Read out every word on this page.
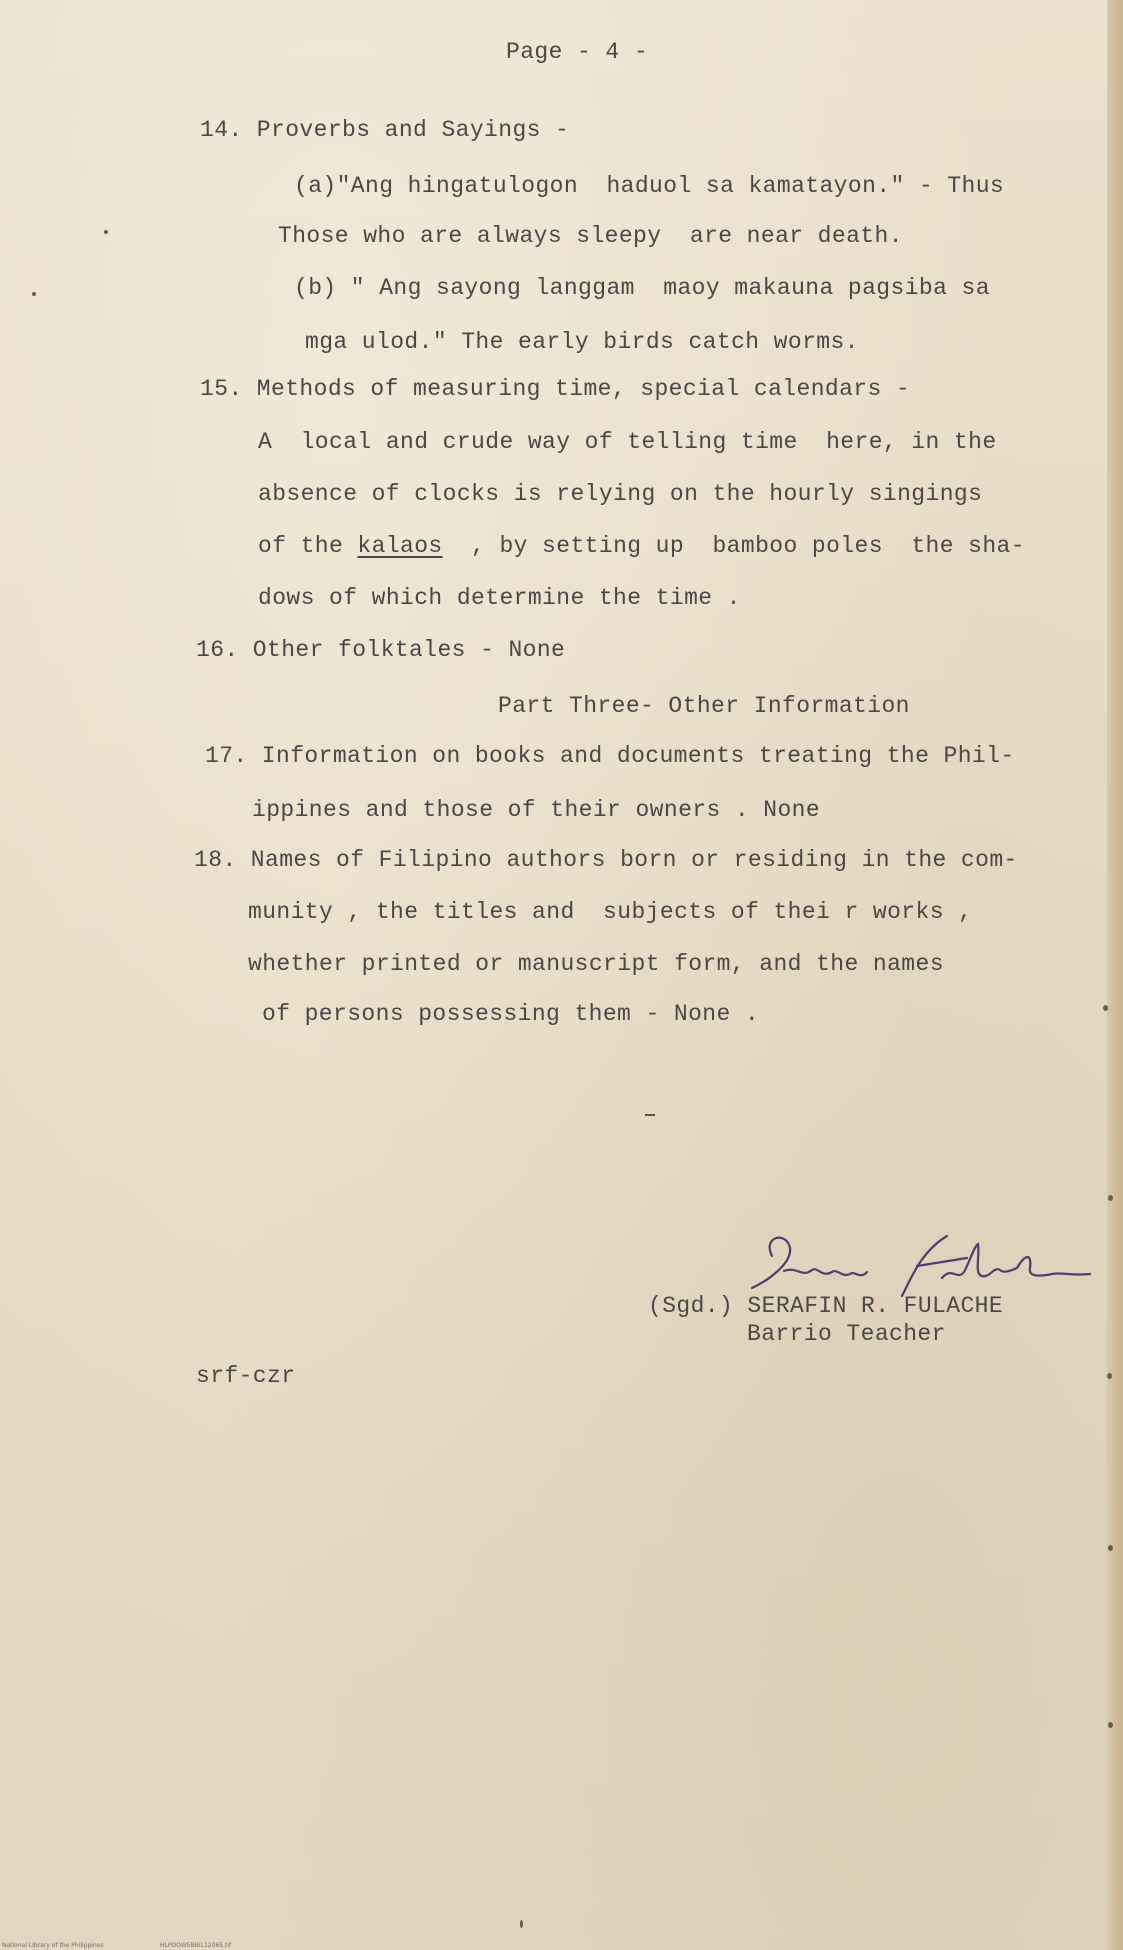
Page - 4 -
14. Proverbs and Sayings -
(a)"Ang hingatulogon  haduol sa kamatayon." - Thus
Those who are always sleepy  are near death.
(b) " Ang sayong langgam  maoy makauna pagsiba sa
mga ulod." The early birds catch worms.
15. Methods of measuring time, special calendars -
A  local and crude way of telling time  here, in the
absence of clocks is relying on the hourly singings
of the kalaos  , by setting up  bamboo poles  the sha-
dows of which determine the time .
16. Other folktales - None
Part Three- Other Information
17. Information on books and documents treating the Phil-
ippines and those of their owners . None
18. Names of Filipino authors born or residing in the com-
munity , the titles and  subjects of thei r works ,
whether printed or manuscript form, and the names
of persons possessing them - None .
(Sgd.) SERAFIN R. FULACHE
Barrio Teacher
srf-czr
National Library of the Philippines	HLPOOWEBBIL12065.tif
